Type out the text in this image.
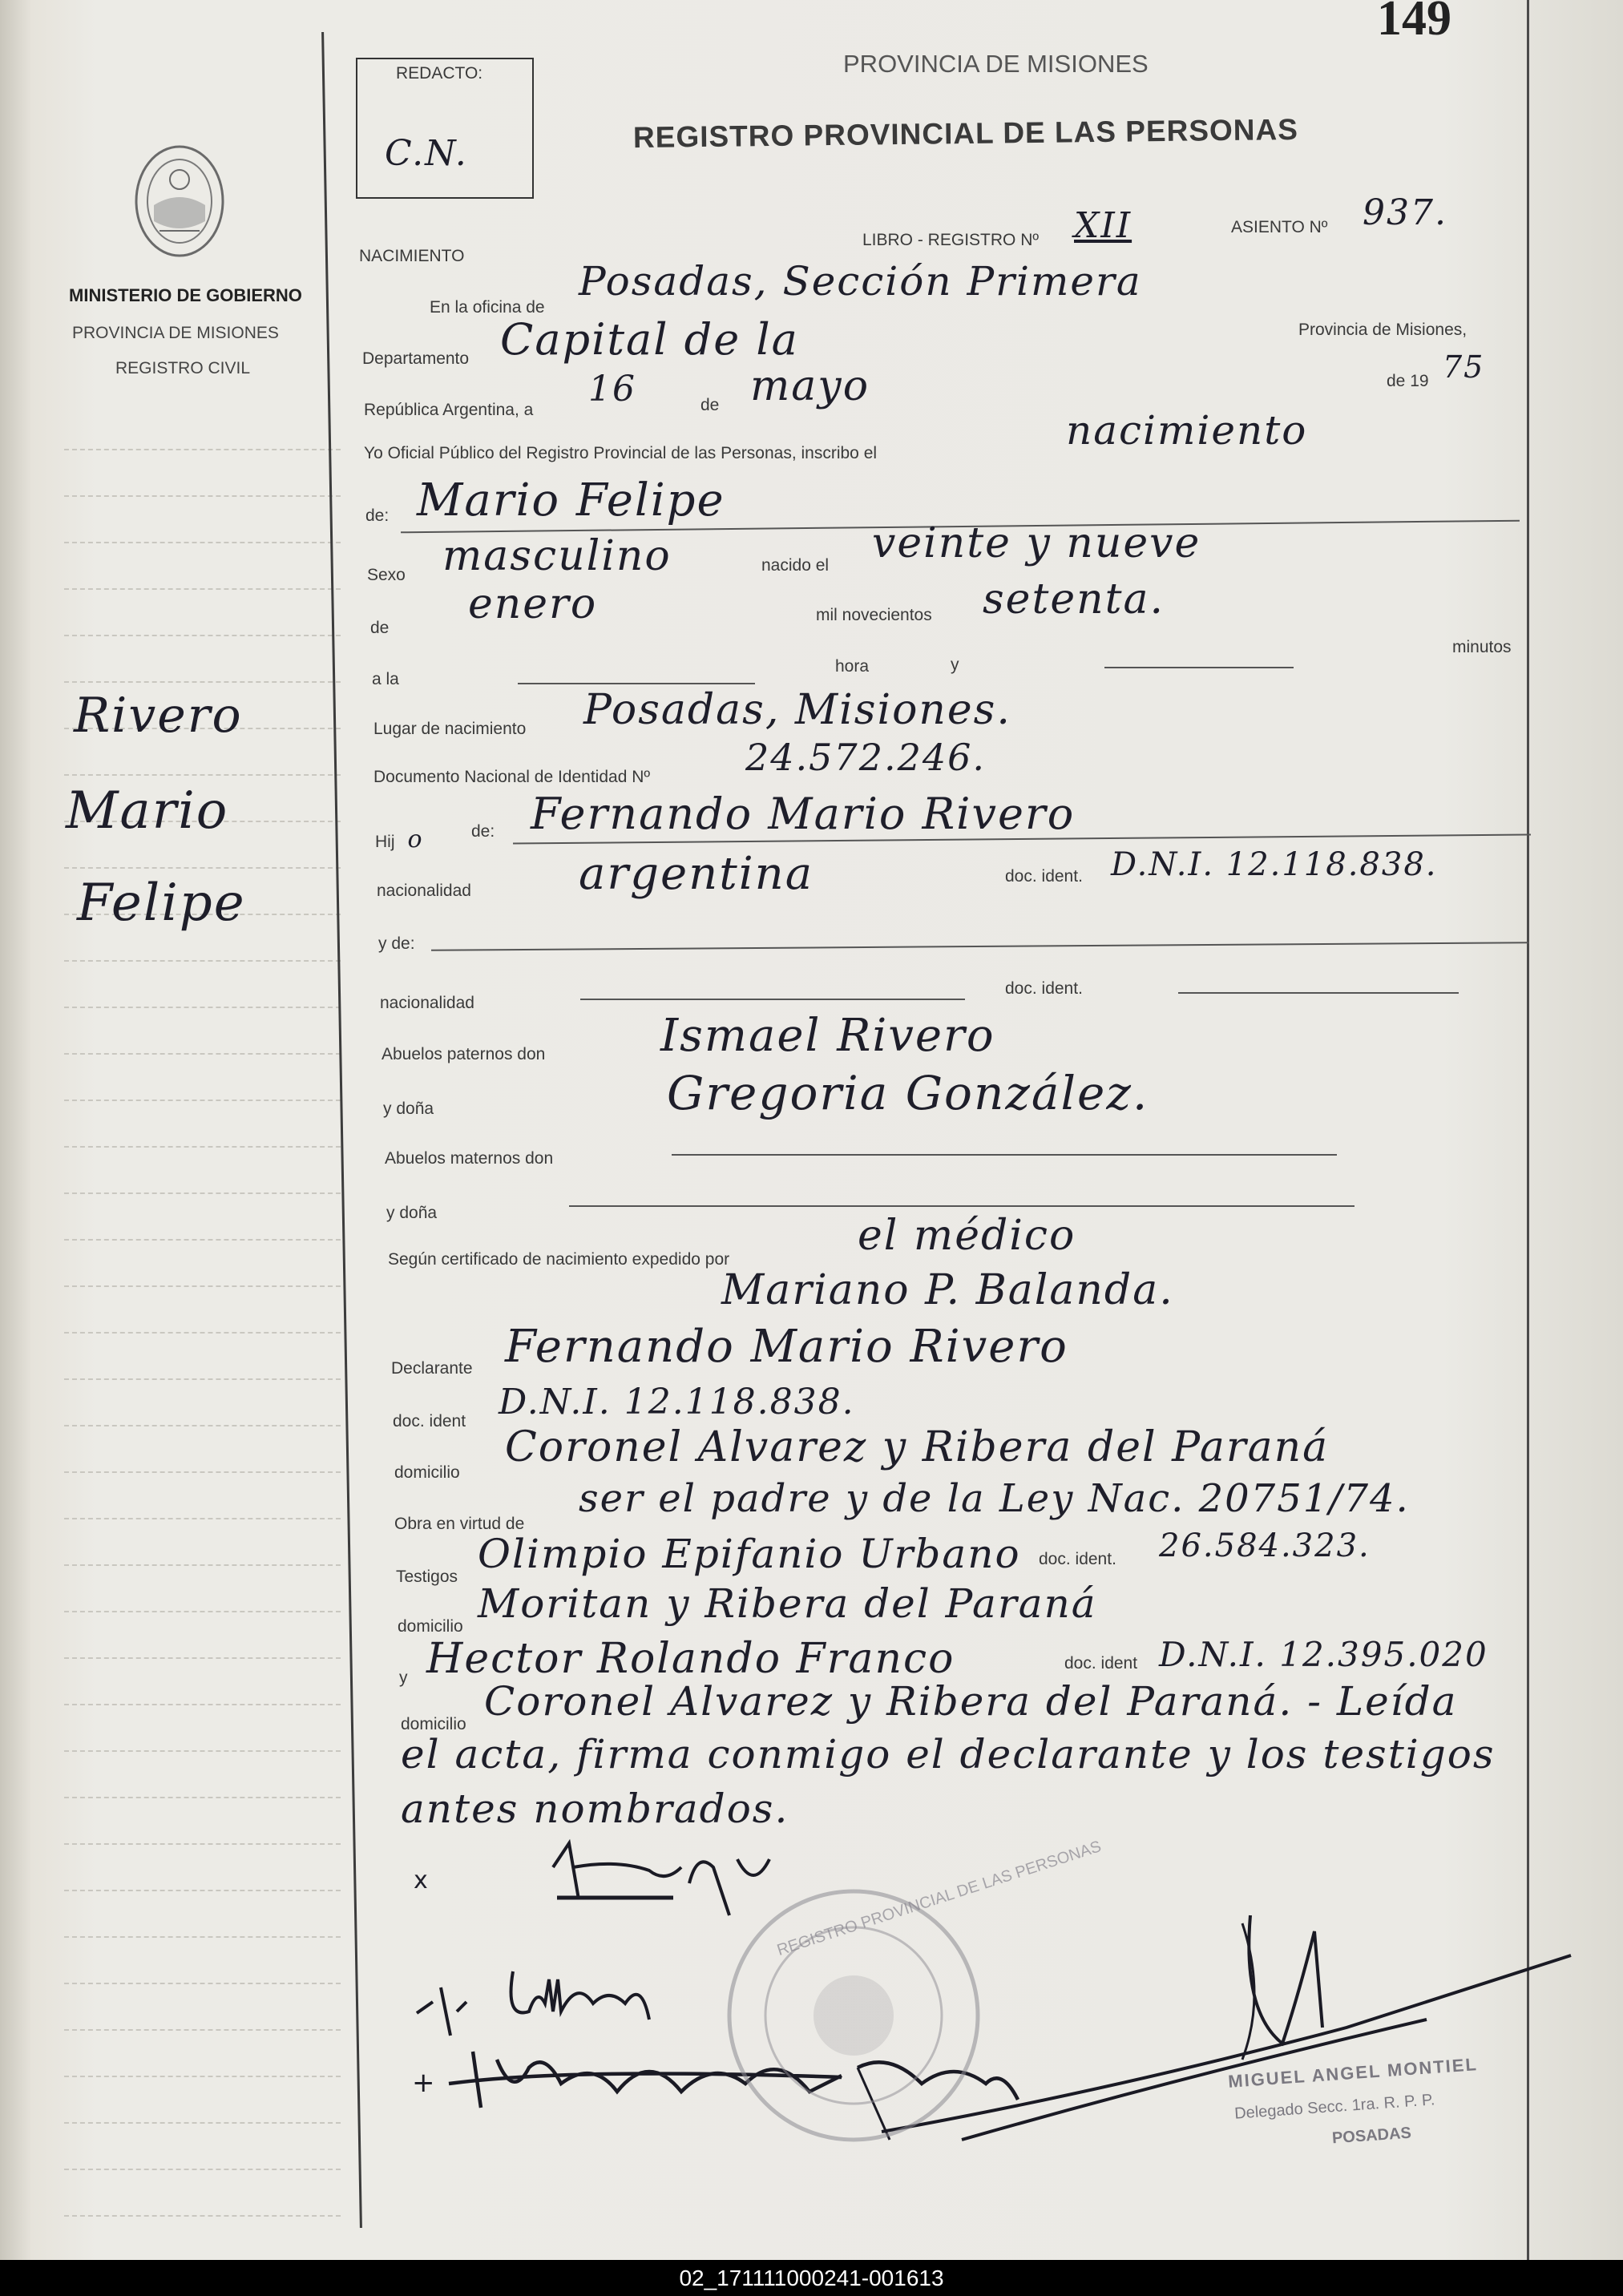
149
REDACTO:
C.N.
PROVINCIA DE MISIONES
REGISTRO PROVINCIAL DE LAS PERSONAS
MINISTERIO DE GOBIERNO
PROVINCIA DE MISIONES
REGISTRO CIVIL
Rivero
Mario
Felipe
NACIMIENTO
LIBRO - REGISTRO Nº XII	ASIENTO Nº 937.
En la oficina de
Posadas, Sección Primera
Departamento Capital de la	Provincia de Misiones,
República Argentina, a
16	de mayo	de 19 75
Yo Oficial Público del Registro Provincial de las Personas, inscribo el	nacimiento
de: Mario Felipe
Sexo masculino	nacido el veinte y nueve
de enero	mil novecientos setenta.
minutos
a la
hora	y
Lugar de nacimiento Posadas, Misiones.
Documento Nacional de Identidad Nº	24.572.246.
Hij o	de: Fernando Mario Rivero
nacionalidad argentina	doc. ident. D.N.I. 12.118.838.
y de:
nacionalidad
doc. ident.
Abuelos paternos don	Ismael Rivero
y doña	Gregoria González.
Abuelos maternos don
y doña
Según certificado de nacimiento expedido por	el médico
Mariano P. Balanda.
Declarante Fernando Mario Rivero
doc. ident D.N.I. 12.118.838.
domicilio
Coronel Alvarez y Ribera del Paraná
Obra en virtud de
ser el padre y de la Ley Nac. 20751/74.
Testigos Olimpio Epifanio Urbano doc. ident. 26.584.323.
domicilio Moritan y Ribera del Paraná
y Hector Rolando Franco	doc. ident D.N.I. 12.395.020
domicilio Coronel Alvarez y Ribera del Paraná. - Leída
el acta, firma conmigo el declarante y los testigos
antes nombrados.
x
+
REGISTRO PROVINCIAL DE LAS PERSONAS
MIGUEL ANGEL MONTIEL
Delegado Secc. 1ra. R. P. P.
POSADAS
02_171111000241-001613
